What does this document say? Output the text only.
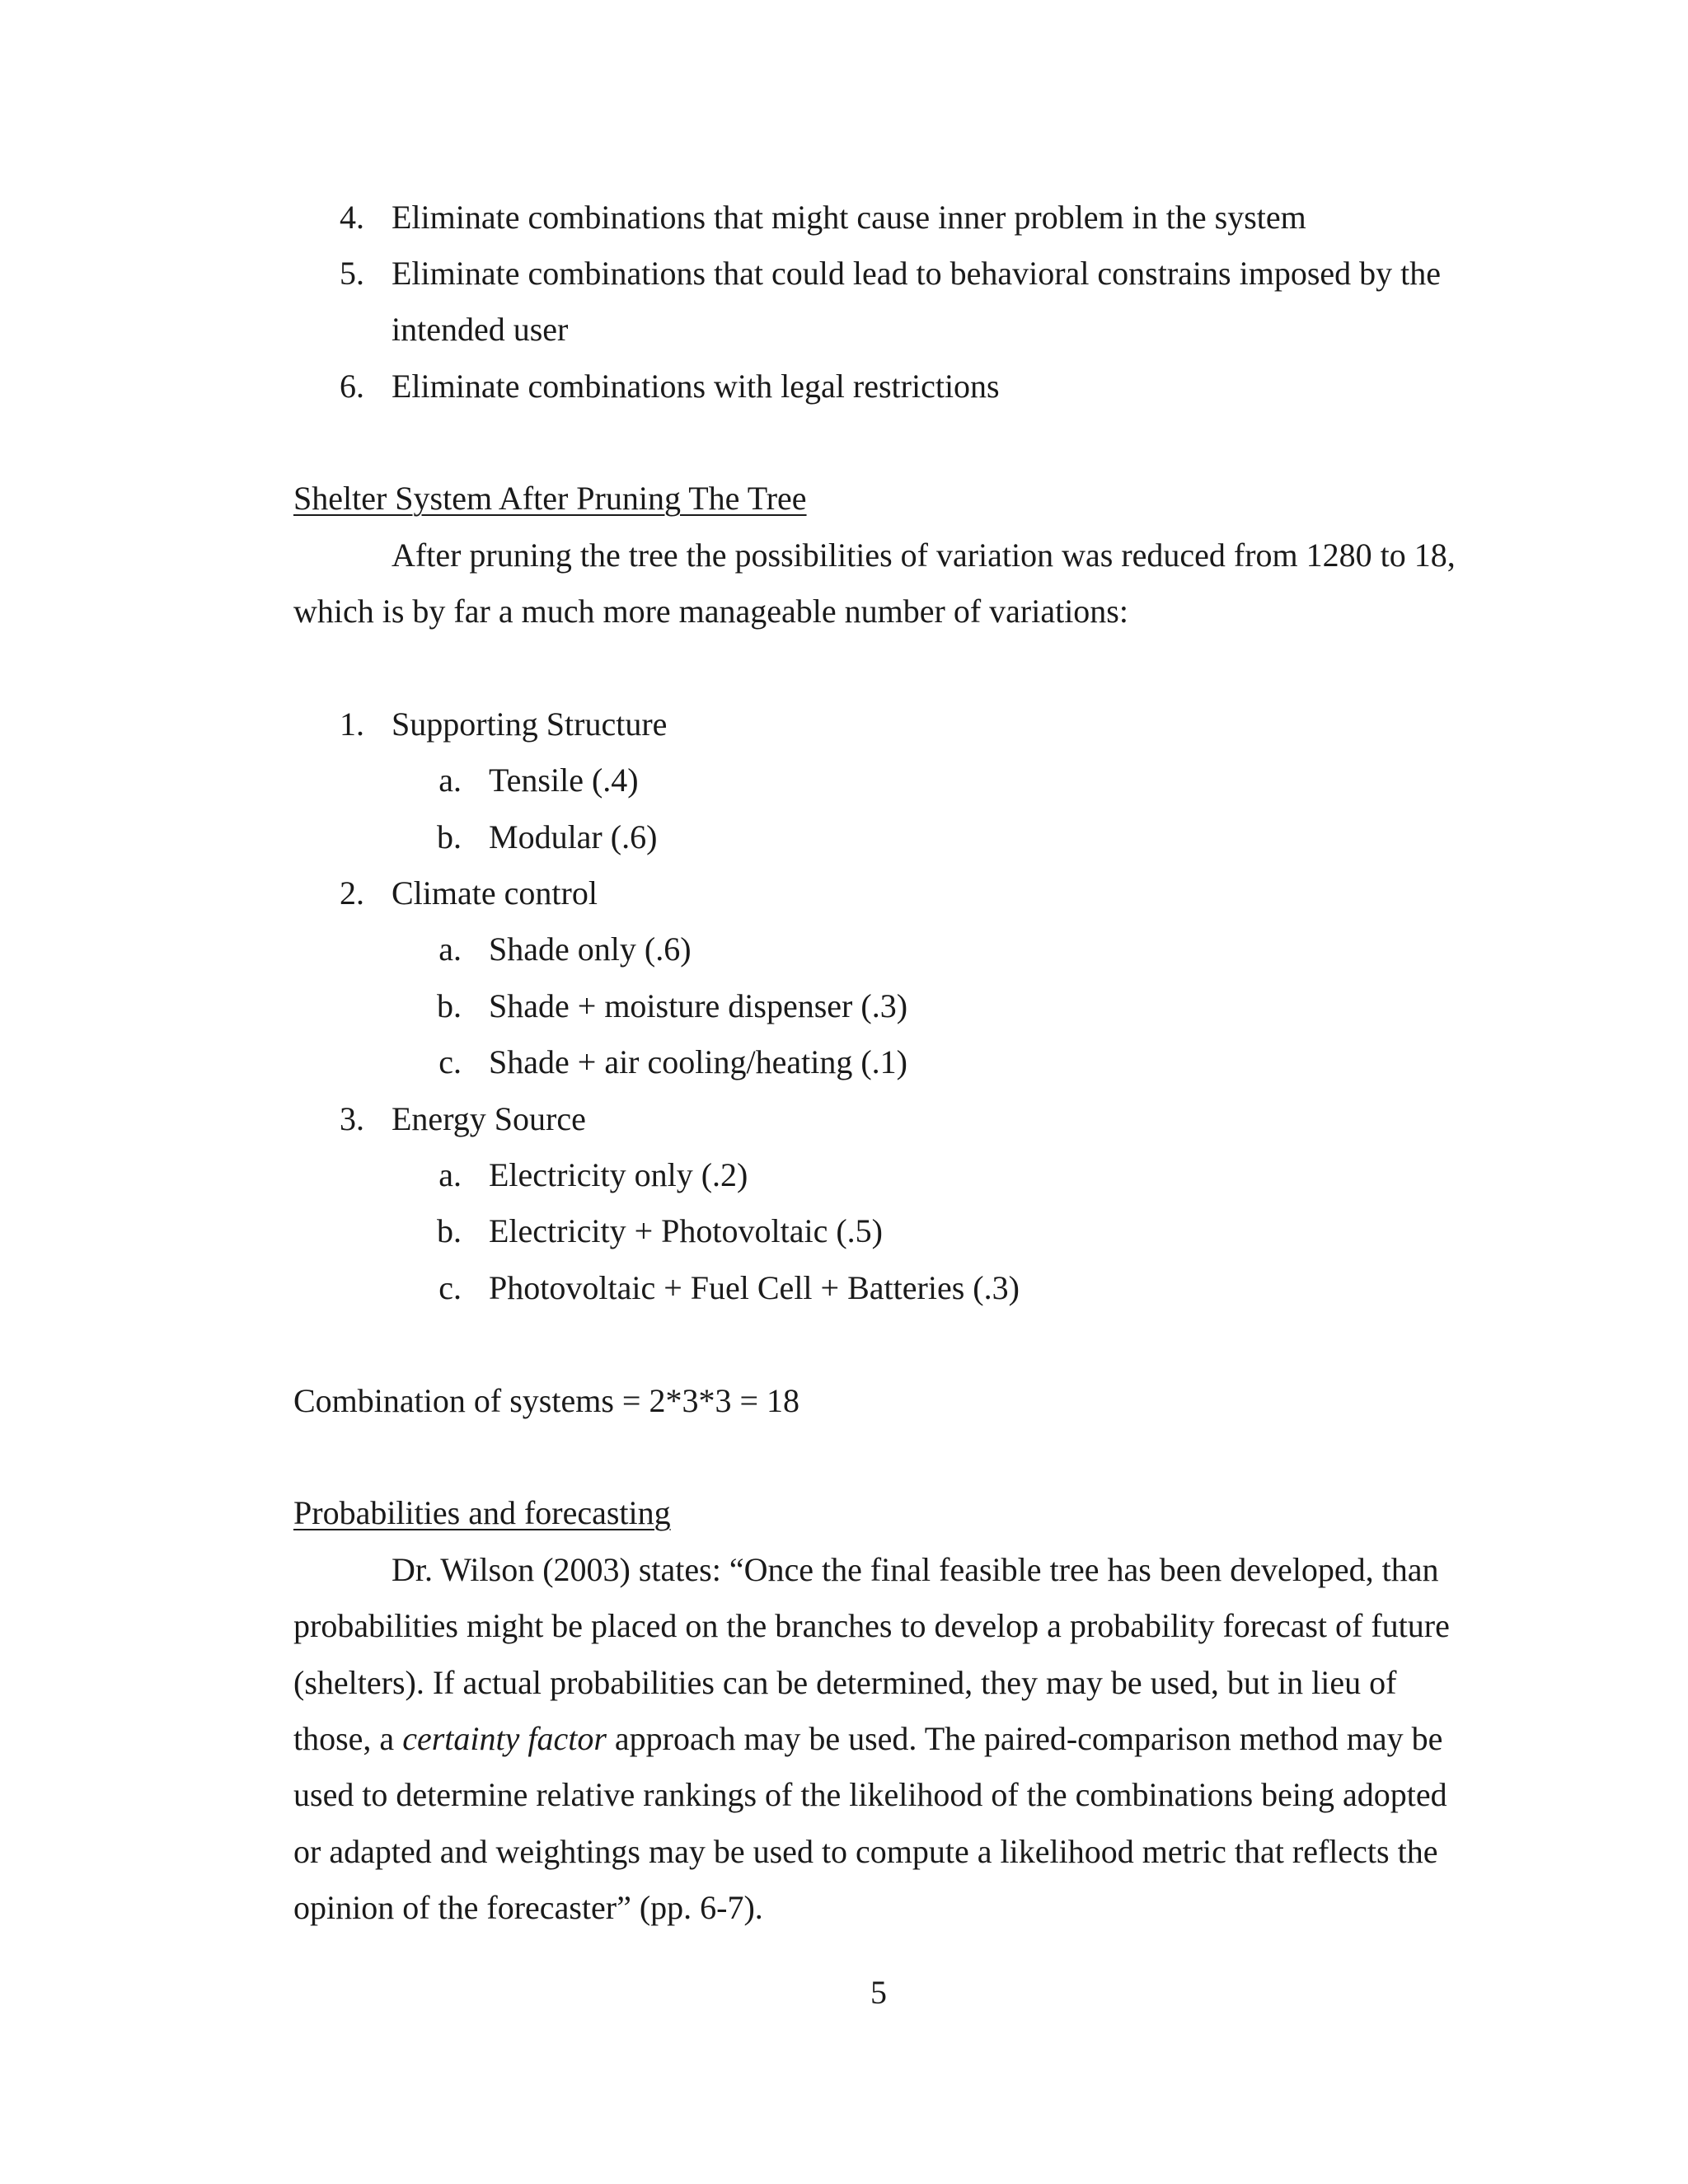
4. Eliminate combinations that might cause inner problem in the system
5. Eliminate combinations that could lead to behavioral constrains imposed by the
intended user
6. Eliminate combinations with legal restrictions
Shelter System After Pruning The Tree
After pruning the tree the possibilities of variation was reduced from 1280 to 18,
which is by far a much more manageable number of variations:
1. Supporting Structure
a. Tensile (.4)
b. Modular (.6)
2. Climate control
a. Shade only (.6)
b. Shade + moisture dispenser (.3)
c. Shade + air cooling/heating (.1)
3. Energy Source
a. Electricity only (.2)
b. Electricity + Photovoltaic (.5)
c. Photovoltaic + Fuel Cell + Batteries (.3)
Combination of systems = 2*3*3 = 18
Probabilities and forecasting
Dr. Wilson (2003) states: “Once the final feasible tree has been developed, than
probabilities might be placed on the branches to develop a probability forecast of future
(shelters). If actual probabilities can be determined, they may be used, but in lieu of
those, a certainty factor approach may be used. The paired-comparison method may be
used to determine relative rankings of the likelihood of the combinations being adopted
or adapted and weightings may be used to compute a likelihood metric that reflects the
opinion of the forecaster” (pp. 6-7).
5
